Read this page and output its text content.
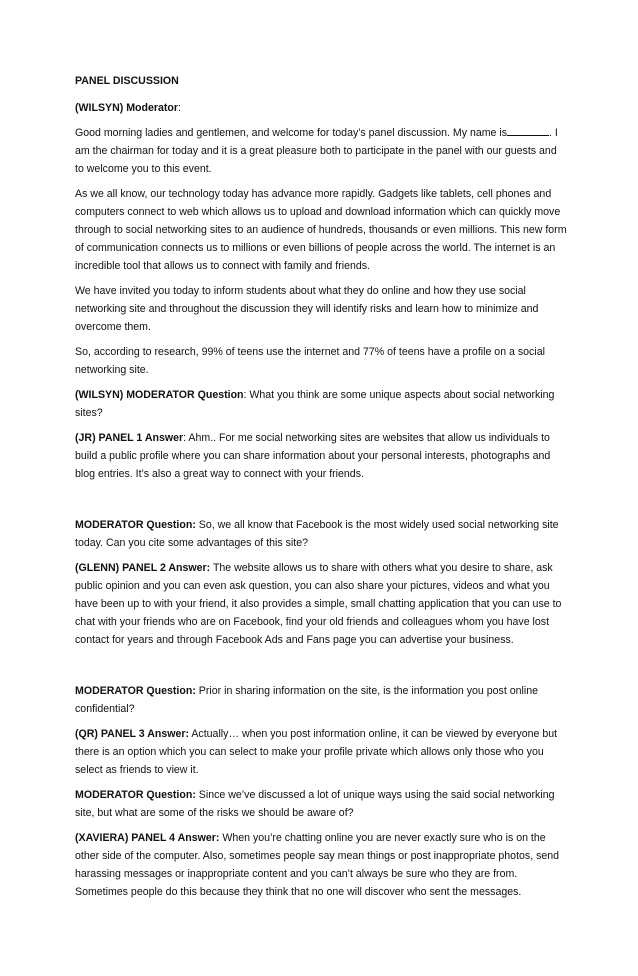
PANEL DISCUSSION
(WILSYN) Moderator:
Good morning ladies and gentlemen, and welcome for today’s panel discussion. My name is	. I am the chairman for today and it is a great pleasure both to participate in the panel with our guests and to welcome you to this event.
As we all know, our technology today has advance more rapidly. Gadgets like tablets, cell phones and computers connect to web which allows us to upload and download information which can quickly move through to social networking sites to an audience of hundreds, thousands or even millions. This new form of communication connects us to millions or even billions of people across the world. The internet is an incredible tool that allows us to connect with family and friends.
We have invited you today to inform students about what they do online and how they use social networking site and throughout the discussion they will identify risks and learn how to minimize and overcome them.
So, according to research, 99% of teens use the internet and 77% of teens have a profile on a social networking site.
(WILSYN) MODERATOR Question: What you think are some unique aspects about social networking sites?
(JR) PANEL 1 Answer: Ahm.. For me social networking sites are websites that allow us individuals to build a public profile where you can share information about your personal interests, photographs and blog entries. It’s also a great way to connect with your friends.
MODERATOR Question: So, we all know that Facebook is the most widely used social networking site today. Can you cite some advantages of this site?
(GLENN) PANEL 2 Answer: The website allows us to share with others what you desire to share, ask public opinion and you can even ask question, you can also share your pictures, videos and what you have been up to with your friend, it also provides a simple, small chatting application that you can use to chat with your friends who are on Facebook, find your old friends and colleagues whom you have lost contact for years and through Facebook Ads and Fans page you can advertise your business.
MODERATOR Question: Prior in sharing information on the site, is the information you post online confidential?
(QR) PANEL 3 Answer: Actually… when you post information online, it can be viewed by everyone but there is an option which you can select to make your profile private which allows only those who you select as friends to view it.
MODERATOR Question: Since we’ve discussed a lot of unique ways using the said social networking site, but what are some of the risks we should be aware of?
(XAVIERA) PANEL 4 Answer: When you’re chatting online you are never exactly sure who is on the other side of the computer. Also, sometimes people say mean things or post inappropriate photos, send harassing messages or inappropriate content and you can’t always be sure who they are from. Sometimes people do this because they think that no one will discover who sent the messages.
